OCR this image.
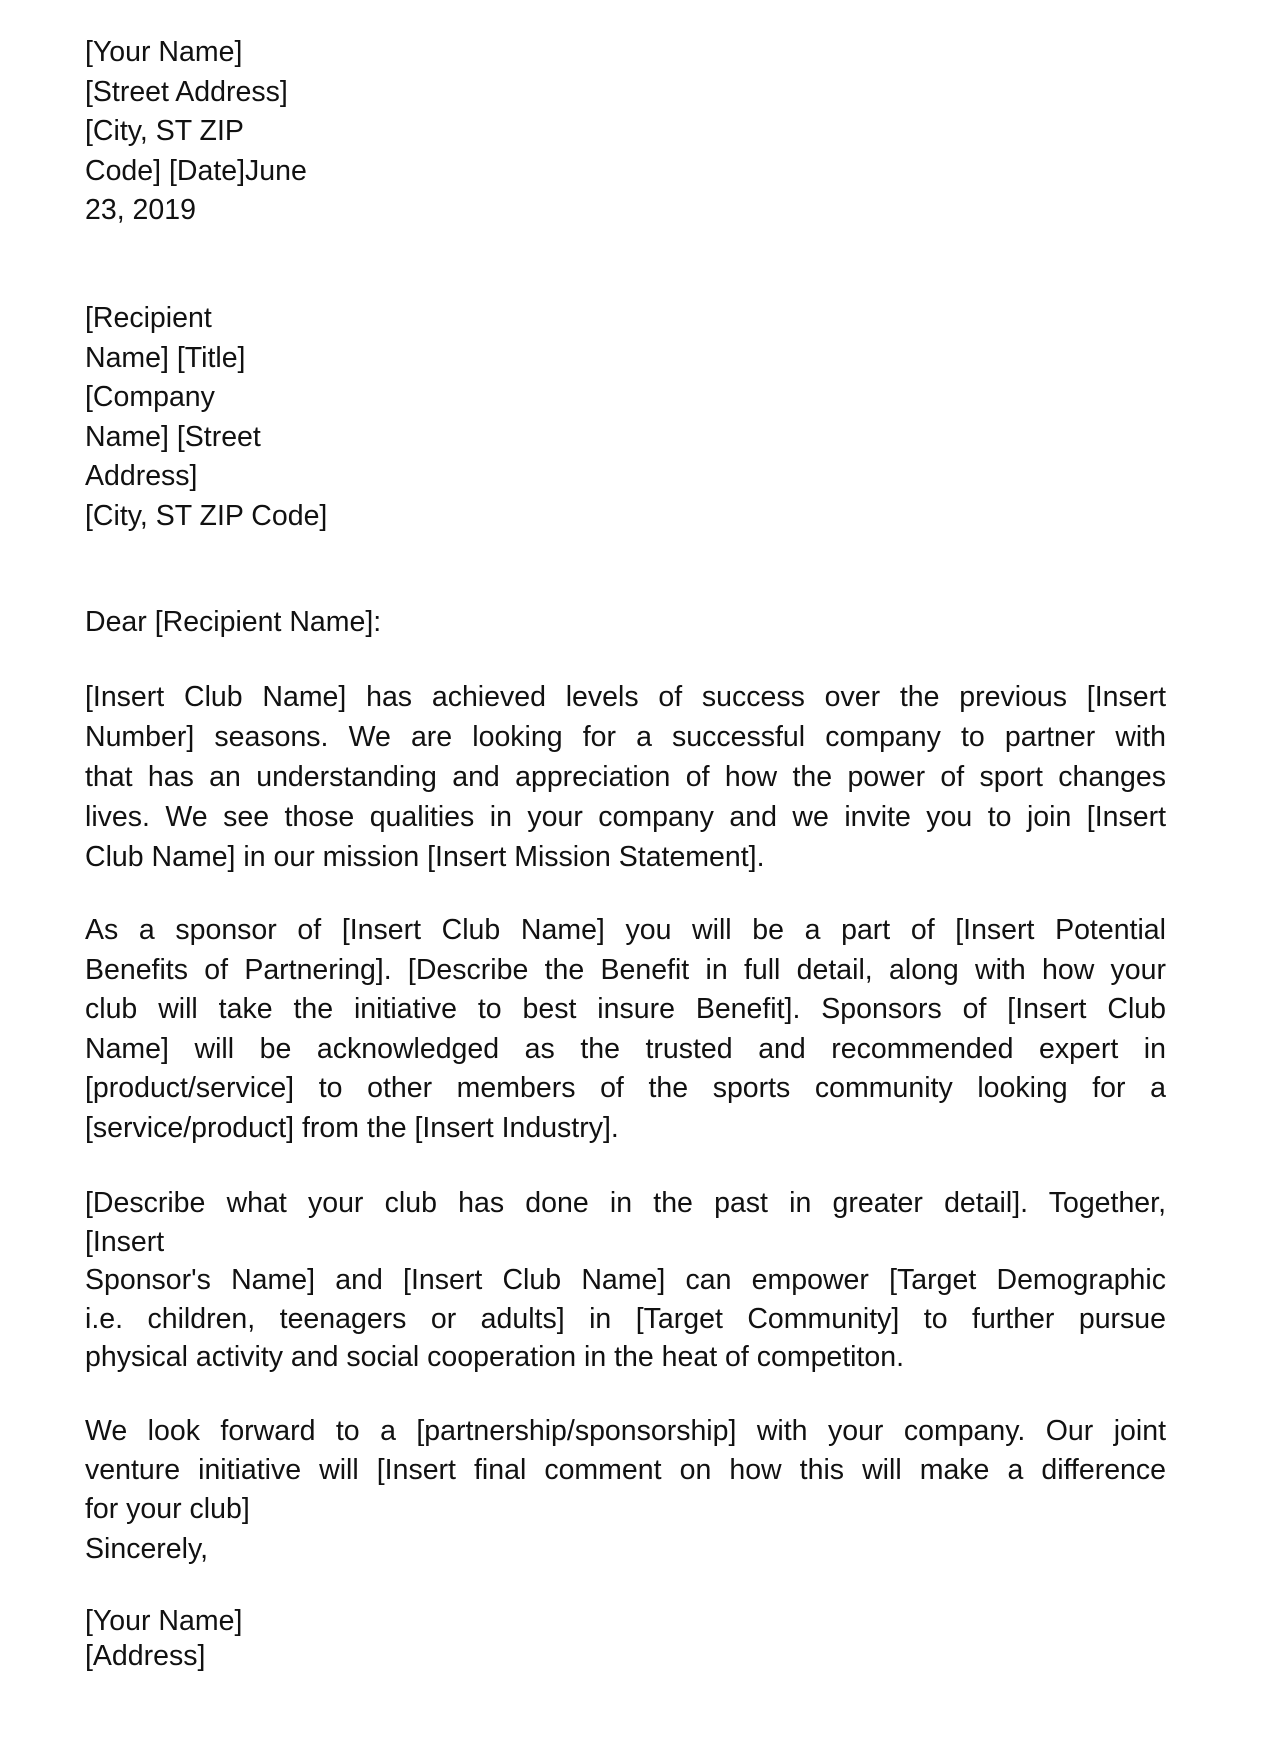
[Your Name]
[Street Address]
[City, ST ZIP
Code] [Date]June
23, 2019
[Recipient
Name] [Title]
[Company
Name] [Street
Address]
[City, ST ZIP Code]
Dear [Recipient Name]:
[Insert Club Name] has achieved levels of success over the previous [Insert
Number] seasons. We are looking for a successful company to partner with
that has an understanding and appreciation of how the power of sport changes
lives. We see those qualities in your company and we invite you to join [Insert
Club Name] in our mission [Insert Mission Statement].
As a sponsor of [Insert Club Name] you will be a part of [Insert Potential
Benefits of Partnering]. [Describe the Benefit in full detail, along with how your
club will take the initiative to best insure Benefit]. Sponsors of [Insert Club
Name] will be acknowledged as the trusted and recommended expert in
[product/service] to other members of the sports community looking for a
[service/product] from the [Insert Industry].
[Describe what your club has done in the past in greater detail]. Together,
[Insert
Sponsor's Name] and [Insert Club Name] can empower [Target Demographic
i.e. children, teenagers or adults] in [Target Community] to further pursue
physical activity and social cooperation in the heat of competiton.
We look forward to a [partnership/sponsorship] with your company. Our joint
venture initiative will [Insert final comment on how this will make a difference
for your club]
Sincerely,
[Your Name]
[Address]
